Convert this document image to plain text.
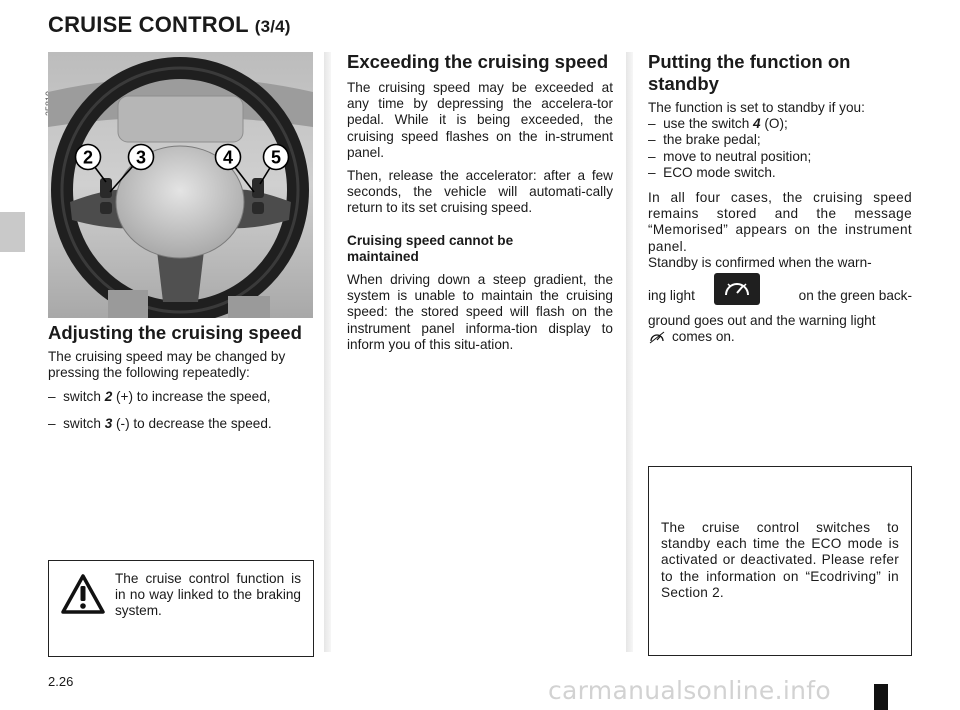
CRUISE CONTROL (3/4)
2 3	4 5
Adjusting the cruising speed

The cruising speed may be changed by

pressing the following repeatedly:

– switch 2 (+) to increase the speed,

– switch 3 (-) to decrease the speed.

The cruise control function is in no way linked to the braking system.

Exceeding the cruising speed

The cruising speed may be exceeded at any time by depressing the accelera-tor pedal. While it is being exceeded, the cruising speed flashes on the in-strument panel.

Then, release the accelerator: after a few seconds, the vehicle will automati-cally return to its set cruising speed.

Cruising speed cannot be maintained

When driving down a steep gradient, the system is unable to maintain the cruising speed: the stored speed will flash on the instrument panel informa-tion display to inform you of this situ-ation.

Putting the function on standby

The function is set to standby if you:

– use the switch 4 (O);

– the brake pedal;

– move to neutral position;

– ECO mode switch.

In all four cases, the cruising speed remains stored and the message “Memorised” appears on the instrument panel.

Standby is confirmed when the warn-

ing light	on the green back-

ground goes out and the warning light

comes on.

The cruise control switches to standby each time the ECO mode is activated or deactivated. Please refer to the information on “Ecodriving” in Section 2.

2.26	carmanualsonline.info
